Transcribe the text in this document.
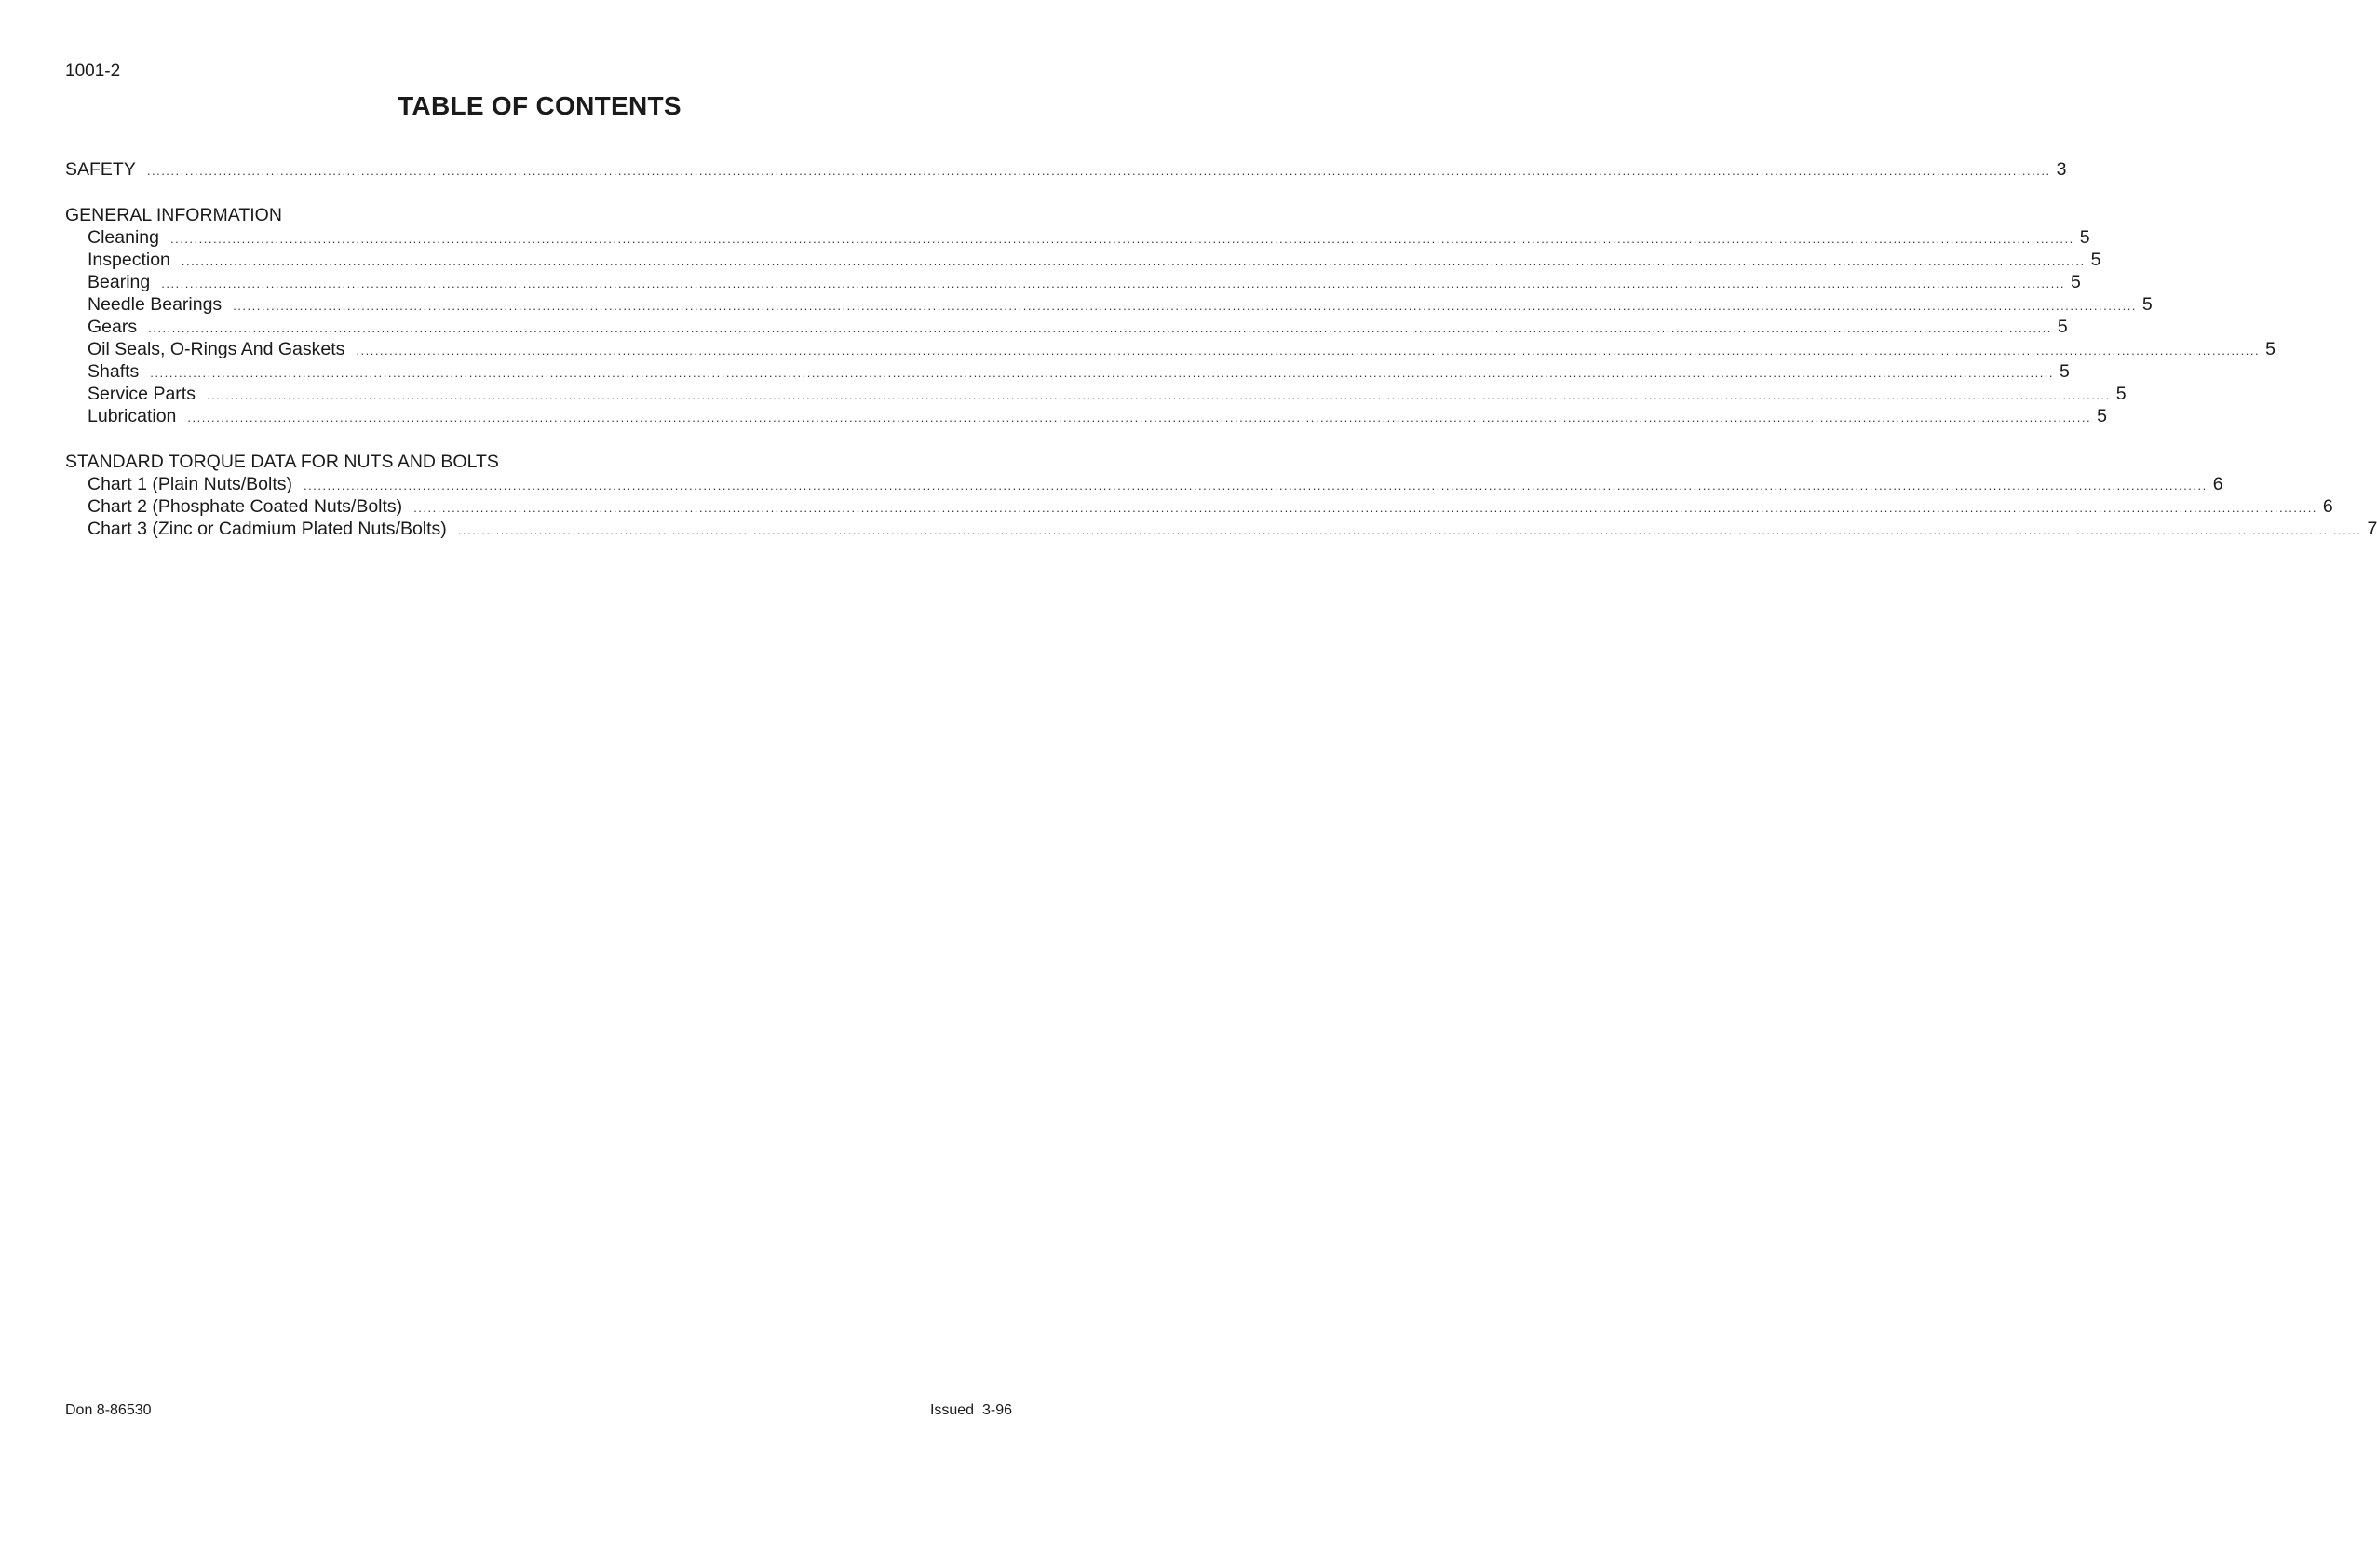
1001-2
TABLE OF CONTENTS
SAFETY ................................................................................................................................................................................................................................................................................................................................................................................................................ 3
GENERAL INFORMATION
Cleaning ................................................................................................................................................................................................................................................................................................................................................................................................................ 5
Inspection ................................................................................................................................................................................................................................................................................................................................................................................................................ 5
Bearing ................................................................................................................................................................................................................................................................................................................................................................................................................ 5
Needle Bearings ................................................................................................................................................................................................................................................................................................................................................................................................................ 5
Gears ................................................................................................................................................................................................................................................................................................................................................................................................................ 5
Oil Seals, O-Rings And Gaskets ................................................................................................................................................................................................................................................................................................................................................................................................................ 5
Shafts ................................................................................................................................................................................................................................................................................................................................................................................................................ 5
Service Parts ................................................................................................................................................................................................................................................................................................................................................................................................................ 5
Lubrication ................................................................................................................................................................................................................................................................................................................................................................................................................ 5
STANDARD TORQUE DATA FOR NUTS AND BOLTS
Chart 1 (Plain Nuts/Bolts) ................................................................................................................................................................................................................................................................................................................................................................................................................ 6
Chart 2 (Phosphate Coated Nuts/Bolts) ................................................................................................................................................................................................................................................................................................................................................................................................................ 6
Chart 3 (Zinc or Cadmium Plated Nuts/Bolts) ................................................................................................................................................................................................................................................................................................................................................................................................................ 7
Don 8-86530	Issued  3-96
